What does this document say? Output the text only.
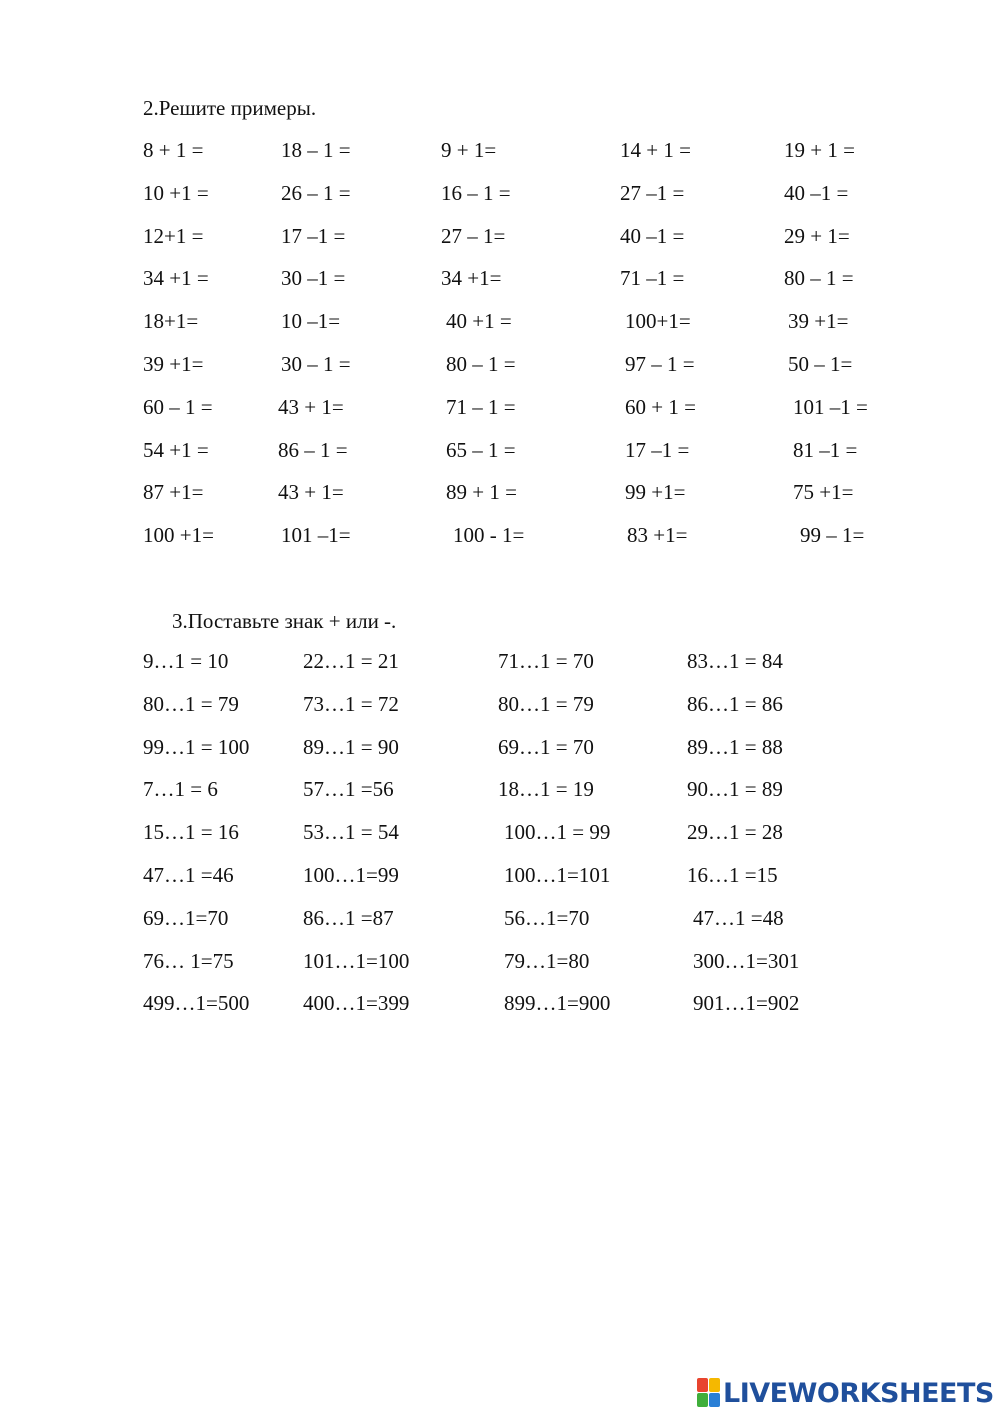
2.Решите примеры.
8 + 1 =	18 – 1 =	9 + 1=	14 + 1 =	19 + 1 =
10 +1 =	26 – 1 =	16 – 1 =	27 –1 =	40 –1 =
12+1 =	17 –1 =	27 – 1=	40 –1 =	29 + 1=
34 +1 =	30 –1 =	34 +1=	71 –1 =	80 – 1 =
18+1=	10 –1=	40 +1 =	100+1=	39 +1=
39 +1=	30 – 1 =	80 – 1 =	97 – 1 =	50 – 1=
60 – 1 =	43 + 1=	71 – 1 =	60 + 1 =	101 –1 =
54 +1 =	86 – 1 =	65 – 1 =	17 –1 =	81 –1 =
87 +1=	43 + 1=	89 + 1 =	99 +1=	75 +1=
100 +1=	101 –1=	100 - 1=	83 +1=	99 – 1=
3.Поставьте знак + или -.
9…1 = 10	22…1 = 21	71…1 = 70	83…1 = 84
80…1 = 79	73…1 = 72	80…1 = 79	86…1 = 86
99…1 = 100	89…1 = 90	69…1 = 70	89…1 = 88
7…1 = 6	57…1 =56	18…1 = 19	90…1 = 89
15…1 = 16	53…1 = 54	100…1 = 99	29…1 = 28
47…1 =46	100…1=99	100…1=101	16…1 =15
69…1=70	86…1 =87	56…1=70	47…1 =48
76… 1=75	101…1=100	79…1=80	300…1=301
499…1=500	400…1=399	899…1=900	901…1=902
LIVEWORKSHEETS
